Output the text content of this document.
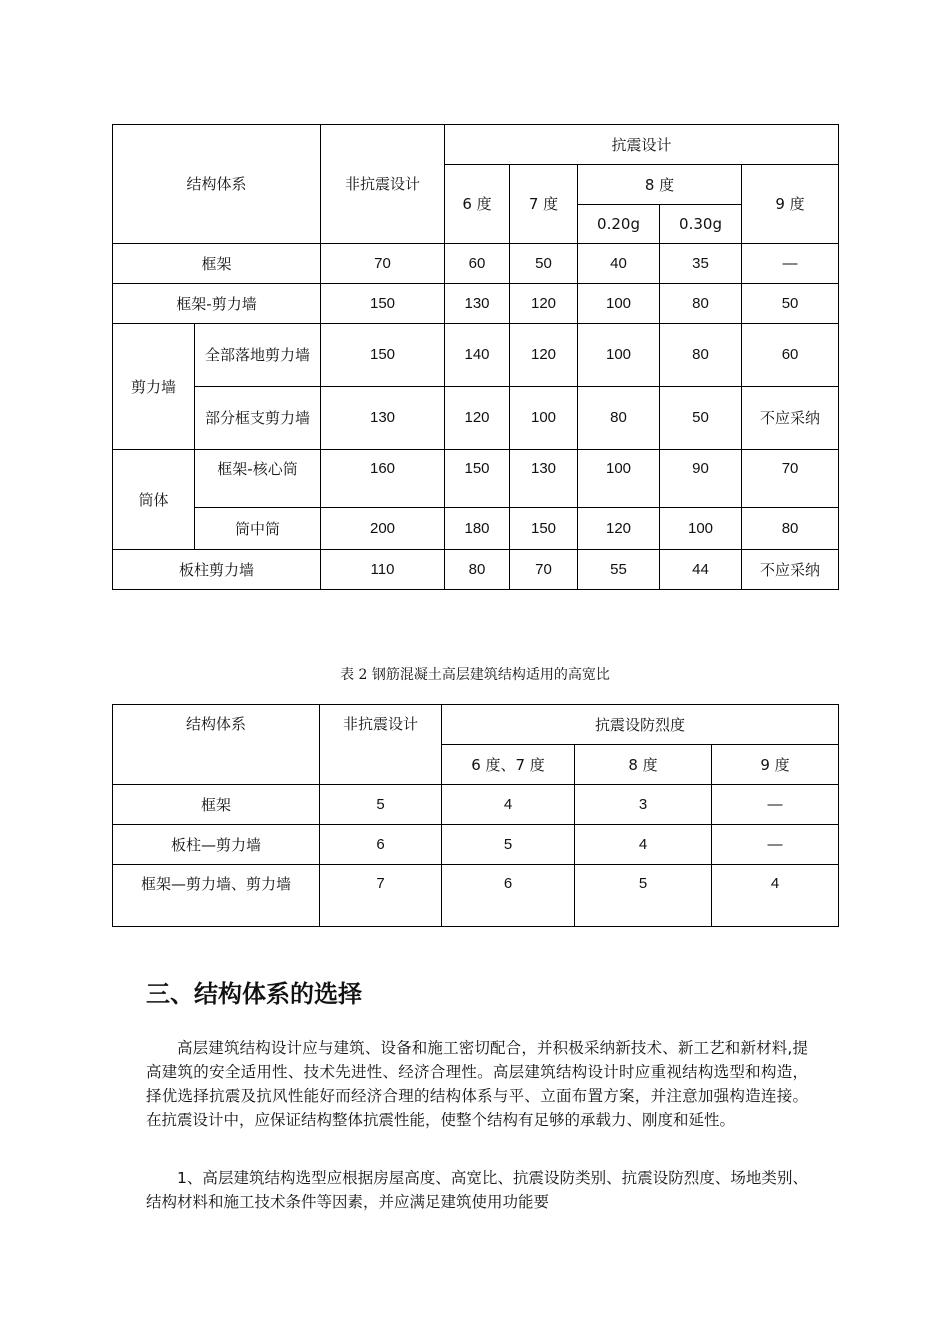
结构体系		非抗震设计	抗震设计				
			6 度	7 度	8 度		9 度
					0.20g	0.30g	
框架		70	60	50	40	35	—
框架-剪力墙		150	130	120	100	80	50
剪力墙	全部落地剪力墙	150	140	120	100	80	60
	部分框支剪力墙	130	120	100	80	50	不应采纳
筒体	框架-核心筒	160	150	130	100	90	70
	筒中筒	200	180	150	120	100	80
板柱剪力墙		110	80	70	55	44	不应采纳
表 2 钢筋混凝土高层建筑结构适用的高宽比
结构体系	非抗震设计	抗震设防烈度		
		6 度、7 度	8 度	9 度
框架	5	4	3	—
板柱—剪力墙	6	5	4	—
框架—剪力墙、剪力墙	7	6	5	4
三、结构体系的选择

高层建筑结构设计应与建筑、设备和施工密切配合，并积极采纳新技术、新工艺和新材料,提高建筑的安全适用性、技术先进性、经济合理性。高层建筑结构设计时应重视结构选型和构造，择优选择抗震及抗风性能好而经济合理的结构体系与平、立面布置方案，并注意加强构造连接。在抗震设计中，应保证结构整体抗震性能，使整个结构有足够的承载力、刚度和延性。

1、高层建筑结构选型应根据房屋高度、高宽比、抗震设防类别、抗震设防烈度、场地类别、结构材料和施工技术条件等因素，并应满足建筑使用功能要
